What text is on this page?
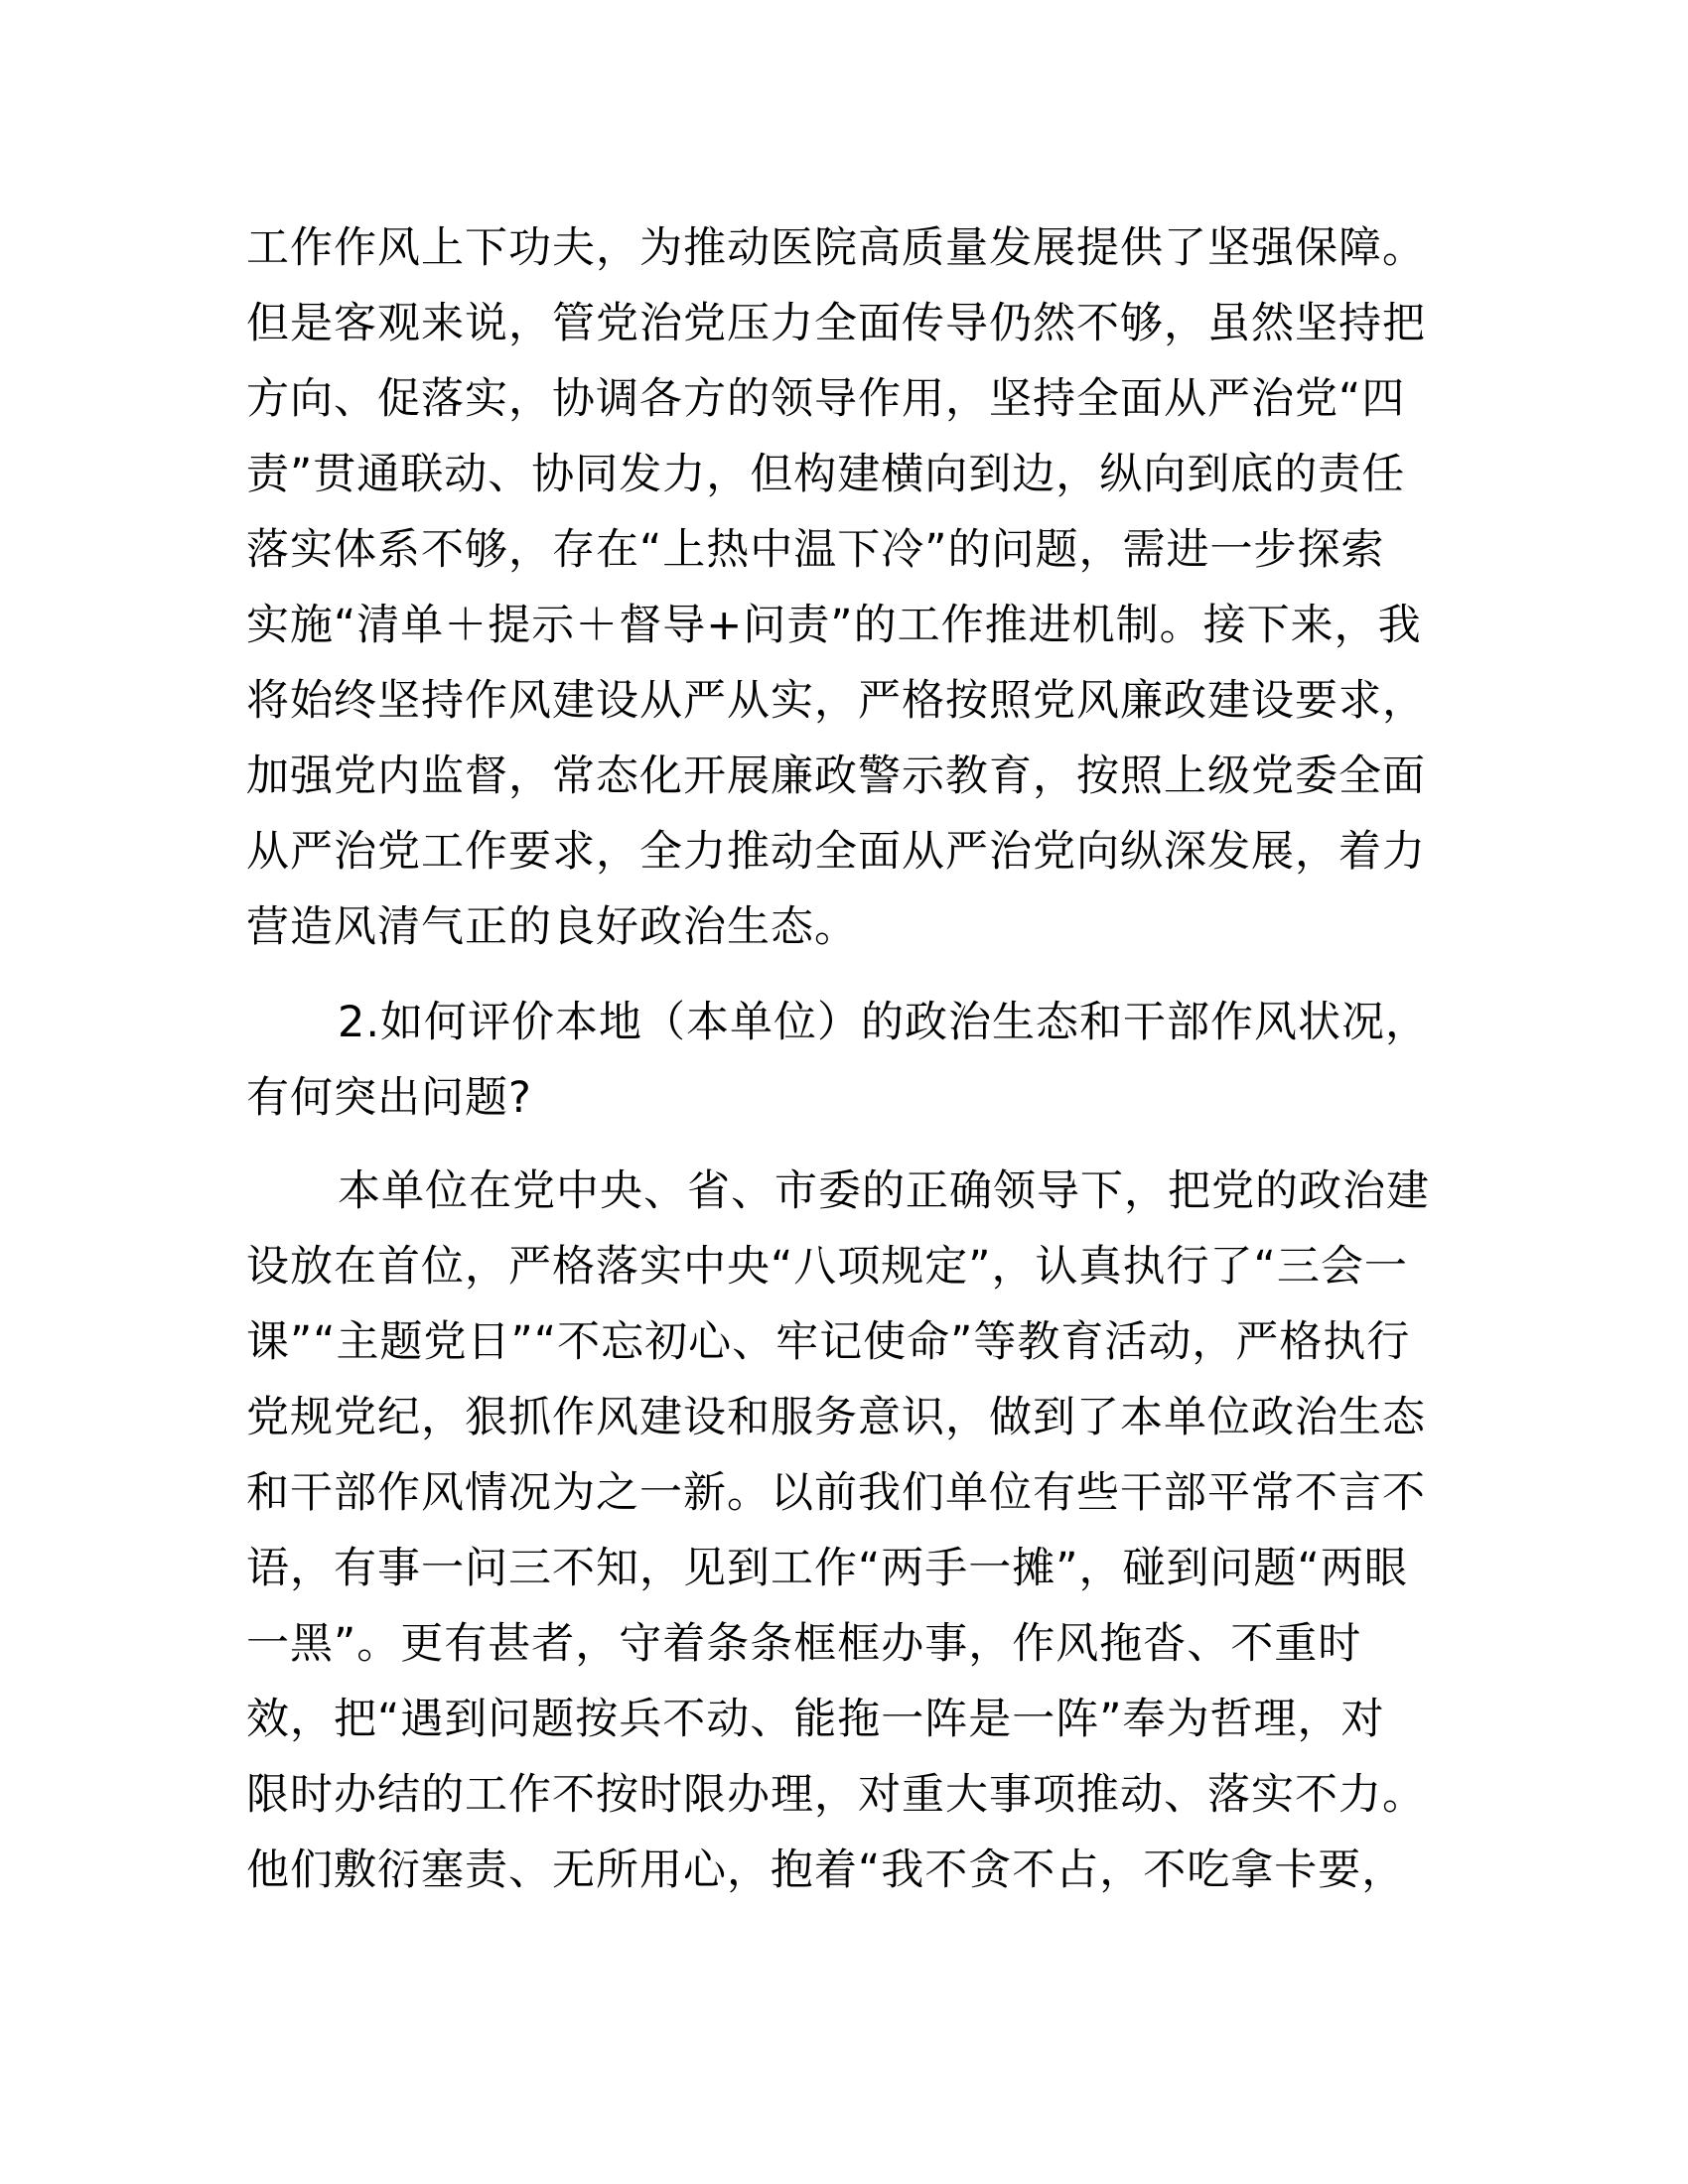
工作作风上下功夫，为推动医院高质量发展提供了坚强保障。
但是客观来说，管党治党压力全面传导仍然不够，虽然坚持把
方向、促落实，协调各方的领导作用，坚持全面从严治党“四
责”贯通联动、协同发力，但构建横向到边，纵向到底的责任
落实体系不够，存在“上热中温下冷”的问题，需进一步探索
实施“清单＋提示＋督导+问责”的工作推进机制。接下来，我
将始终坚持作风建设从严从实，严格按照党风廉政建设要求，
加强党内监督，常态化开展廉政警示教育，按照上级党委全面
从严治党工作要求，全力推动全面从严治党向纵深发展，着力
营造风清气正的良好政治生态。
2.如何评价本地（本单位）的政治生态和干部作风状况，
有何突出问题?
本单位在党中央、省、市委的正确领导下，把党的政治建
设放在首位，严格落实中央“八项规定”，认真执行了“三会一
课”“主题党日”“不忘初心、牢记使命”等教育活动，严格执行
党规党纪，狠抓作风建设和服务意识，做到了本单位政治生态
和干部作风情况为之一新。以前我们单位有些干部平常不言不
语，有事一问三不知，见到工作“两手一摊”，碰到问题“两眼
一黑”。更有甚者，守着条条框框办事，作风拖沓、不重时
效，把“遇到问题按兵不动、能拖一阵是一阵”奉为哲理，对
限时办结的工作不按时限办理，对重大事项推动、落实不力。
他们敷衍塞责、无所用心，抱着“我不贪不占，不吃拿卡要，
